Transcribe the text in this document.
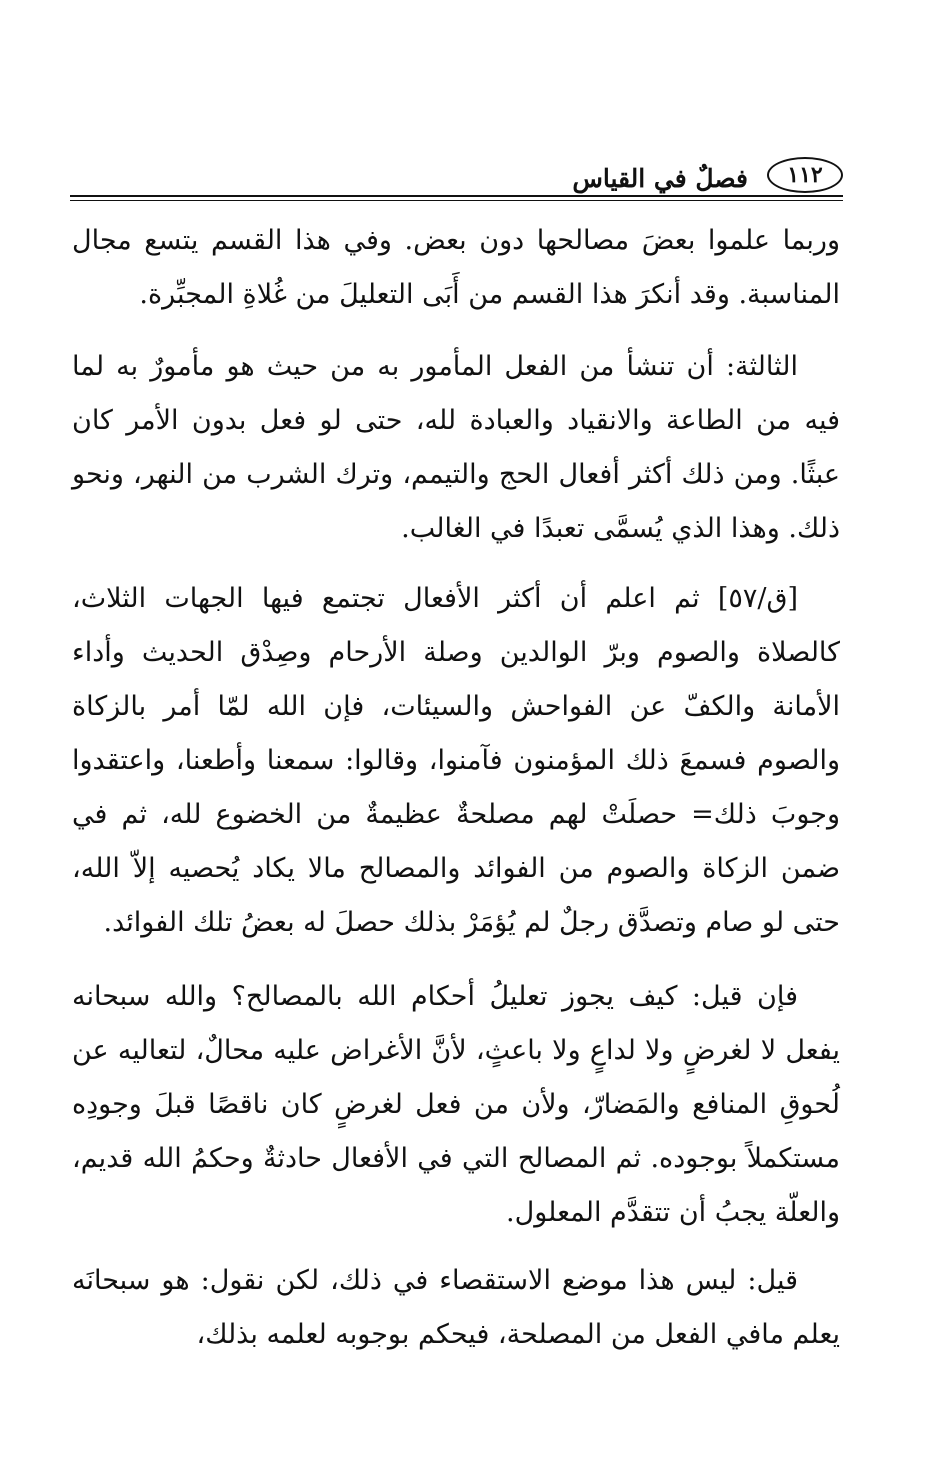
١١٢
فصلٌ في القياس

وربما علموا بعضَ مصالحها دون بعض. وفي هذا القسم يتسع مجال المناسبة. وقد أنكرَ هذا القسم من أَبَى التعليلَ من غُلاةِ المجبِّرة.

الثالثة: أن تنشأ من الفعل المأمور به من حيث هو مأمورٌ به لما فيه من الطاعة والانقياد والعبادة لله، حتى لو فعل بدون الأمر كان عبثًا. ومن ذلك أكثر أفعال الحج والتيمم، وترك الشرب من النهر، ونحو ذلك. وهذا الذي يُسمَّى تعبدًا في الغالب.

[ق/٥٧] ثم اعلم أن أكثر الأفعال تجتمع فيها الجهات الثلاث، كالصلاة والصوم وبرّ الوالدين وصلة الأرحام وصِدْق الحديث وأداء الأمانة والكفّ عن الفواحش والسيئات، فإن الله لمّا أمر بالزكاة والصوم فسمعَ ذلك المؤمنون فآمنوا، وقالوا: سمعنا وأطعنا، واعتقدوا وجوبَ ذلك= حصلَتْ لهم مصلحةٌ عظيمةٌ من الخضوع لله، ثم في ضمن الزكاة والصوم من الفوائد والمصالح مالا يكاد يُحصيه إلاّ الله، حتى لو صام وتصدَّق رجلٌ لم يُؤمَرْ بذلك حصلَ له بعضُ تلك الفوائد.

فإن قيل: كيف يجوز تعليلُ أحكام الله بالمصالح؟ والله سبحانه يفعل لا لغرضٍ ولا لداعٍ ولا باعثٍ، لأنَّ الأغراض عليه محالٌ، لتعاليه عن لُحوقِ المنافع والمَضارّ، ولأن من فعل لغرضٍ كان ناقصًا قبلَ وجودِه مستكملاً بوجوده. ثم المصالح التي في الأفعال حادثةٌ وحكمُ الله قديم، والعلّة يجبُ أن تتقدَّم المعلول.

قيل: ليس هذا موضع الاستقصاء في ذلك، لكن نقول: هو سبحانَه يعلم مافي الفعل من المصلحة، فيحكم بوجوبه لعلمه بذلك،
